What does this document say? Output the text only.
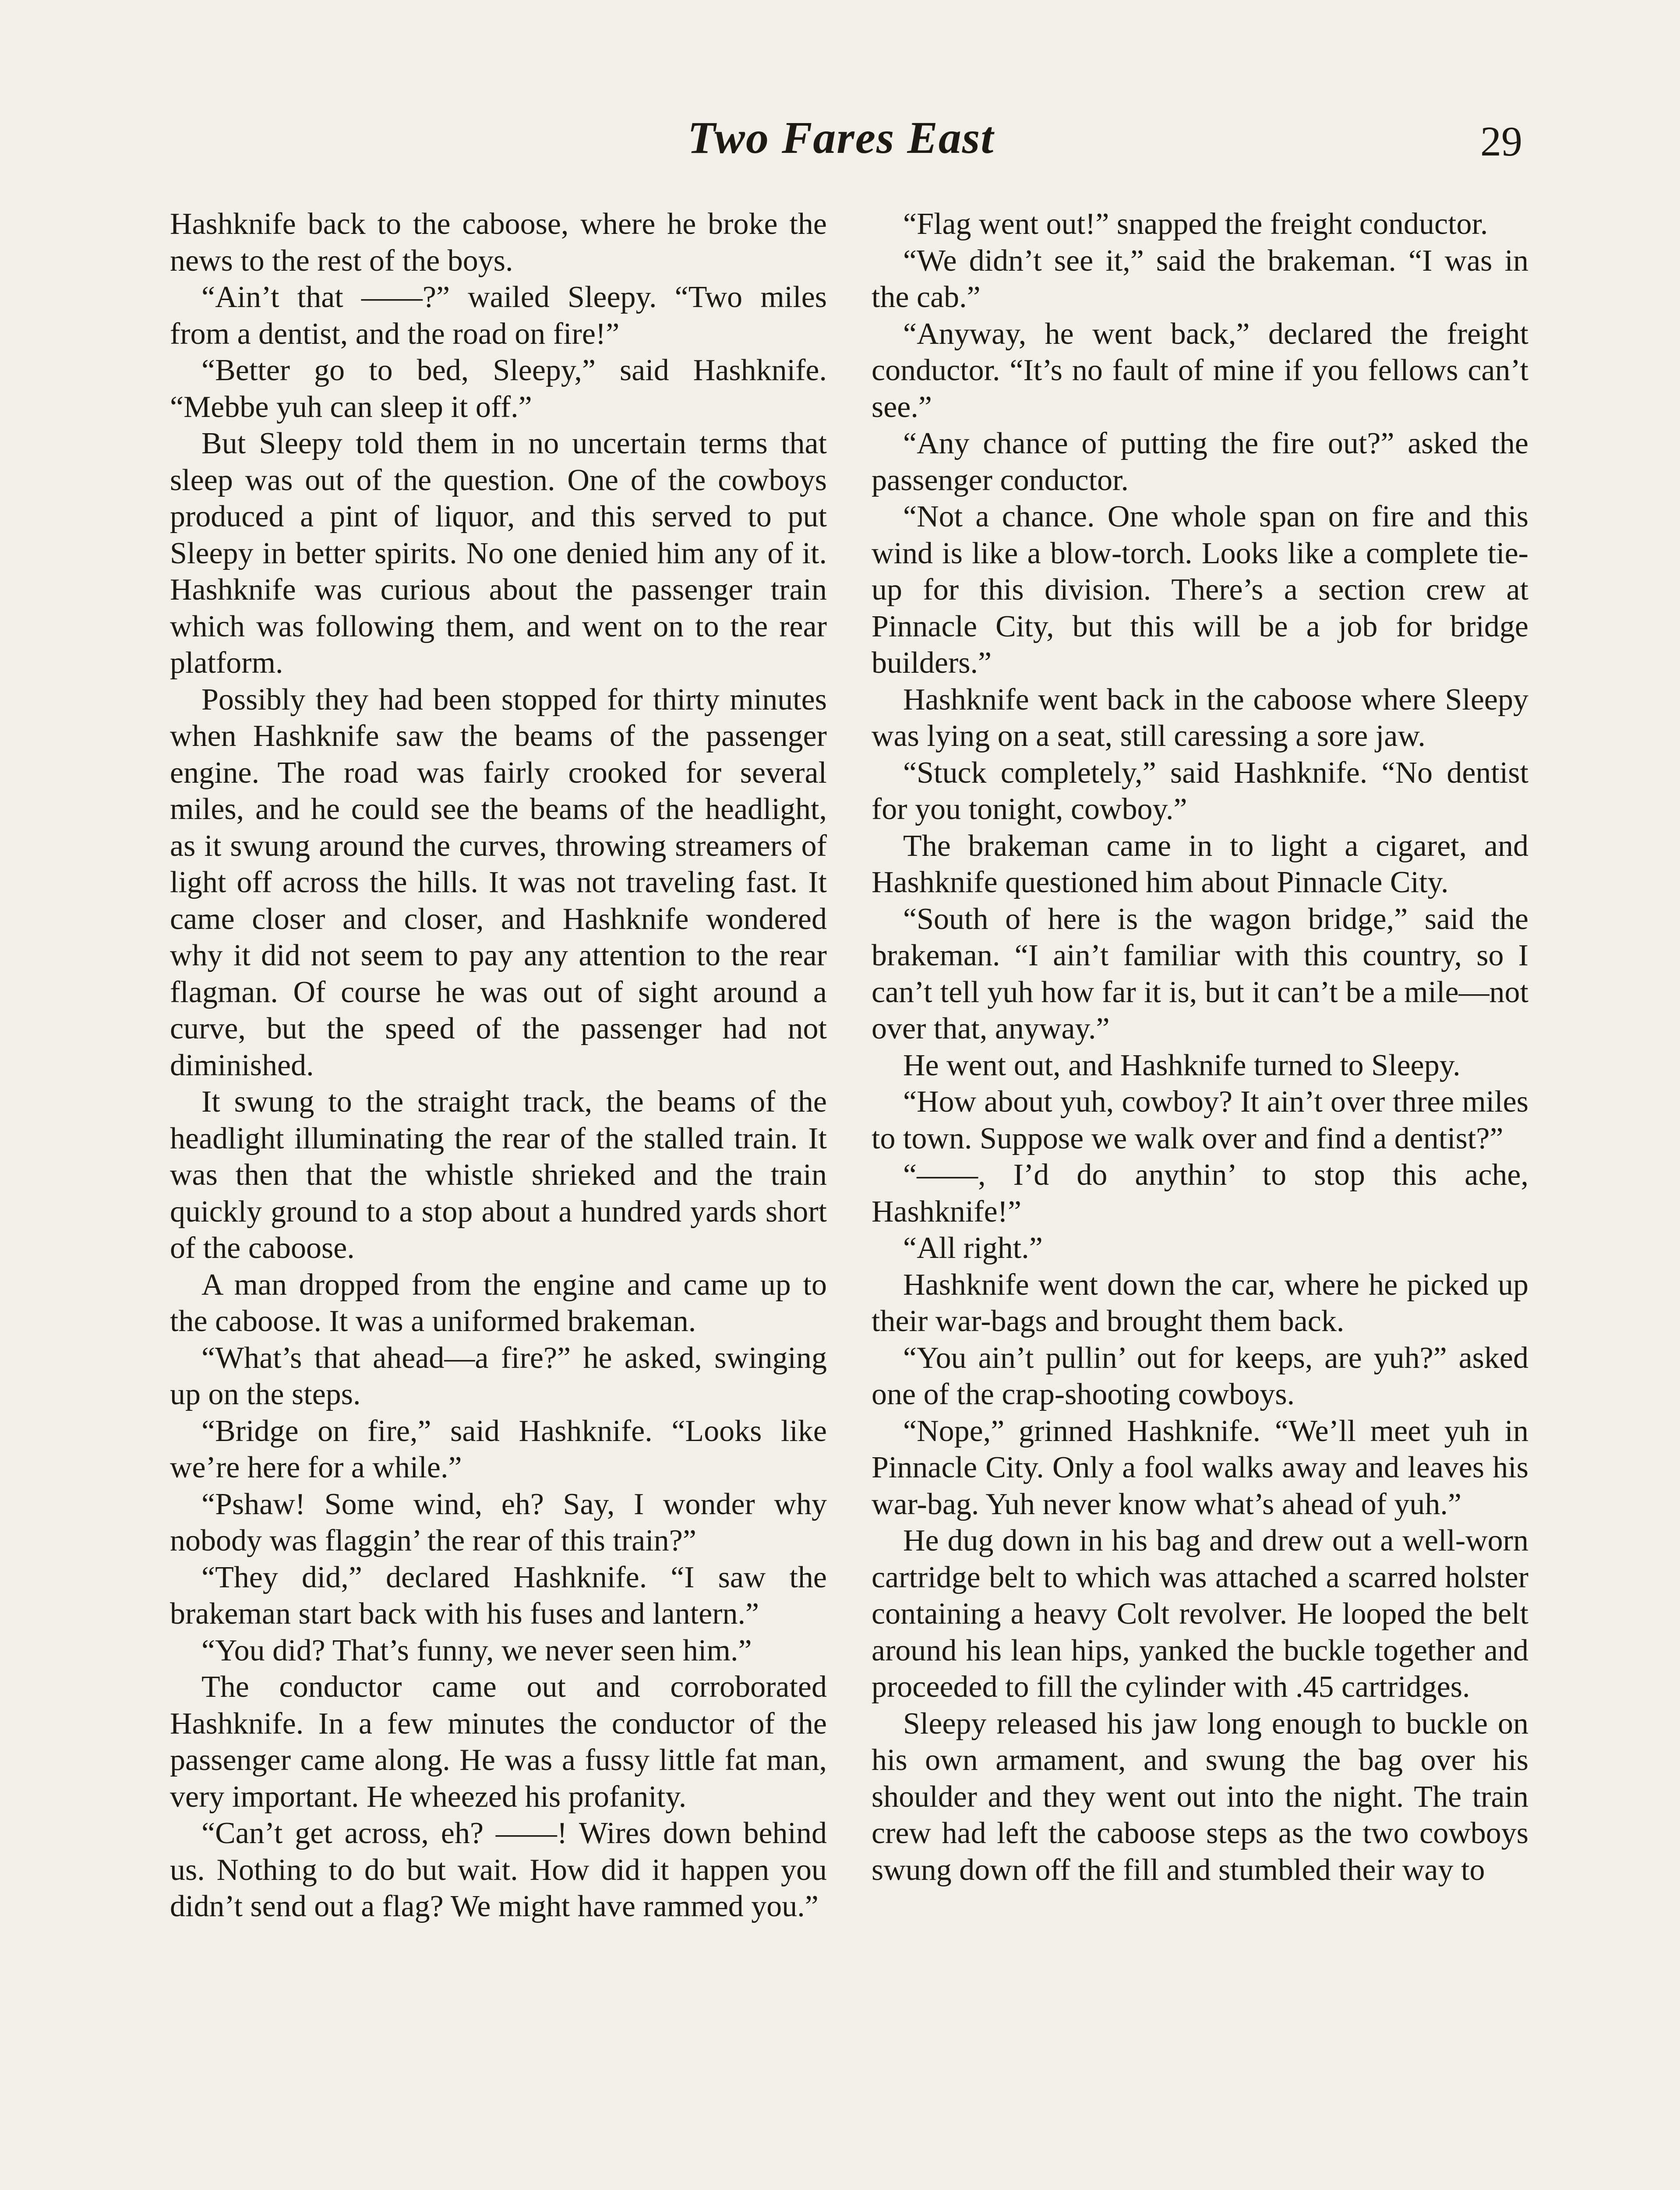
Two Fares East	29

Hashknife back to the caboose, where he broke the news to the rest of the boys.

“Ain’t that ——?” wailed Sleepy. “Two miles from a dentist, and the road on fire!”

“Better go to bed, Sleepy,” said Hashknife. “Mebbe yuh can sleep it off.”

But Sleepy told them in no uncertain terms that sleep was out of the question. One of the cowboys produced a pint of liquor, and this served to put Sleepy in better spirits. No one denied him any of it. Hashknife was curious about the passenger train which was following them, and went on to the rear platform.

Possibly they had been stopped for thirty minutes when Hashknife saw the beams of the passenger engine. The road was fairly crooked for several miles, and he could see the beams of the headlight, as it swung around the curves, throwing streamers of light off across the hills. It was not traveling fast. It came closer and closer, and Hashknife wondered why it did not seem to pay any attention to the rear flagman. Of course he was out of sight around a curve, but the speed of the passenger had not diminished.

It swung to the straight track, the beams of the headlight illuminating the rear of the stalled train. It was then that the whistle shrieked and the train quickly ground to a stop about a hundred yards short of the caboose.

A man dropped from the engine and came up to the caboose. It was a uniformed brakeman.

“What’s that ahead—a fire?” he asked, swinging up on the steps.

“Bridge on fire,” said Hashknife. “Looks like we’re here for a while.”

“Pshaw! Some wind, eh? Say, I wonder why nobody was flaggin’ the rear of this train?”

“They did,” declared Hashknife. “I saw the brakeman start back with his fuses and lantern.”

“You did? That’s funny, we never seen him.”

The conductor came out and corroborated Hashknife. In a few minutes the conductor of the passenger came along. He was a fussy little fat man, very important. He wheezed his profanity.

“Can’t get across, eh? ——! Wires down behind us. Nothing to do but wait. How did it happen you didn’t send out a flag? We might have rammed you.”

“Flag went out!” snapped the freight conductor.

“We didn’t see it,” said the brakeman. “I was in the cab.”

“Anyway, he went back,” declared the freight conductor. “It’s no fault of mine if you fellows can’t see.”

“Any chance of putting the fire out?” asked the passenger conductor.

“Not a chance. One whole span on fire and this wind is like a blow-torch. Looks like a complete tie-up for this division. There’s a section crew at Pinnacle City, but this will be a job for bridge builders.”

Hashknife went back in the caboose where Sleepy was lying on a seat, still caressing a sore jaw.

“Stuck completely,” said Hashknife. “No dentist for you tonight, cowboy.”

The brakeman came in to light a cigaret, and Hashknife questioned him about Pinnacle City.

“South of here is the wagon bridge,” said the brakeman. “I ain’t familiar with this country, so I can’t tell yuh how far it is, but it can’t be a mile—not over that, anyway.”

He went out, and Hashknife turned to Sleepy.

“How about yuh, cowboy? It ain’t over three miles to town. Suppose we walk over and find a dentist?”

“——, I’d do anythin’ to stop this ache, Hashknife!”

“All right.”

Hashknife went down the car, where he picked up their war-bags and brought them back.

“You ain’t pullin’ out for keeps, are yuh?” asked one of the crap-shooting cowboys.

“Nope,” grinned Hashknife. “We’ll meet yuh in Pinnacle City. Only a fool walks away and leaves his war-bag. Yuh never know what’s ahead of yuh.”

He dug down in his bag and drew out a well-worn cartridge belt to which was attached a scarred holster containing a heavy Colt revolver. He looped the belt around his lean hips, yanked the buckle together and proceeded to fill the cylinder with .45 cartridges.

Sleepy released his jaw long enough to buckle on his own armament, and swung the bag over his shoulder and they went out into the night. The train crew had left the caboose steps as the two cowboys swung down off the fill and stumbled their way to
